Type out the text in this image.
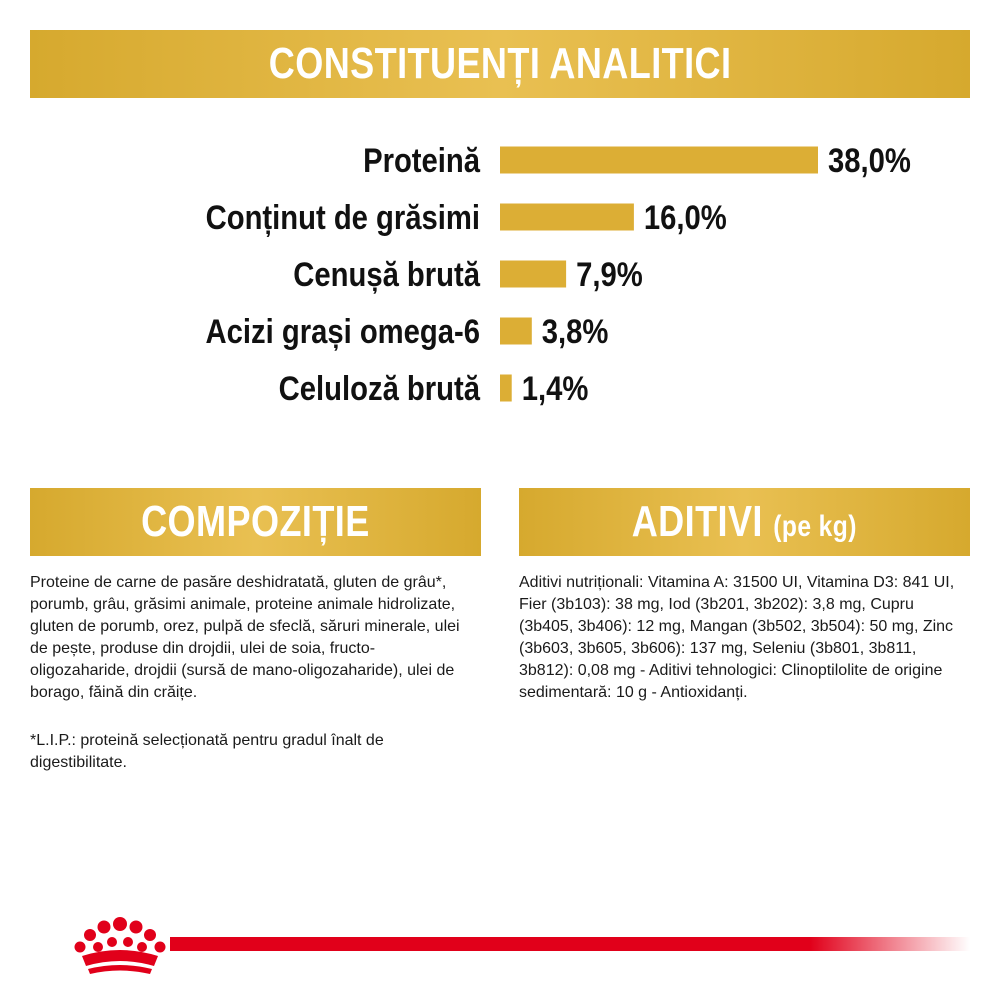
CONSTITUENȚI ANALITICI
Proteină	38,0%
Conținut de grăsimi	16,0%
Cenușă brută	7,9%
Acizi grași omega-6 3,8%
Celuloză brută 1,4%
COMPOZIȚIE	ADITIVI (pe kg)

Proteine de carne de pasăre deshidratată, gluten de grâu*, porumb, grâu, grăsimi animale, proteine animale hidrolizate, gluten de porumb, orez, pulpă de sfeclă, săruri minerale, ulei de pește, produse din drojdii, ulei de soia, fructo-oligozaharide, drojdii (sursă de mano-oligozaharide), ulei de borago, făină din crăițe.

*L.I.P.: proteină selecționată pentru gradul înalt de digestibilitate.

Aditivi nutriționali: Vitamina A: 31500 UI, Vitamina D3: 841 UI, Fier (3b103): 38 mg, Iod (3b201, 3b202): 3,8 mg, Cupru (3b405, 3b406): 12 mg, Mangan (3b502, 3b504): 50 mg, Zinc (3b603, 3b605, 3b606): 137 mg, Seleniu (3b801, 3b811, 3b812): 0,08 mg - Aditivi tehnologici: Clinoptilolite de origine sedimentară: 10 g - Antioxidanți.
